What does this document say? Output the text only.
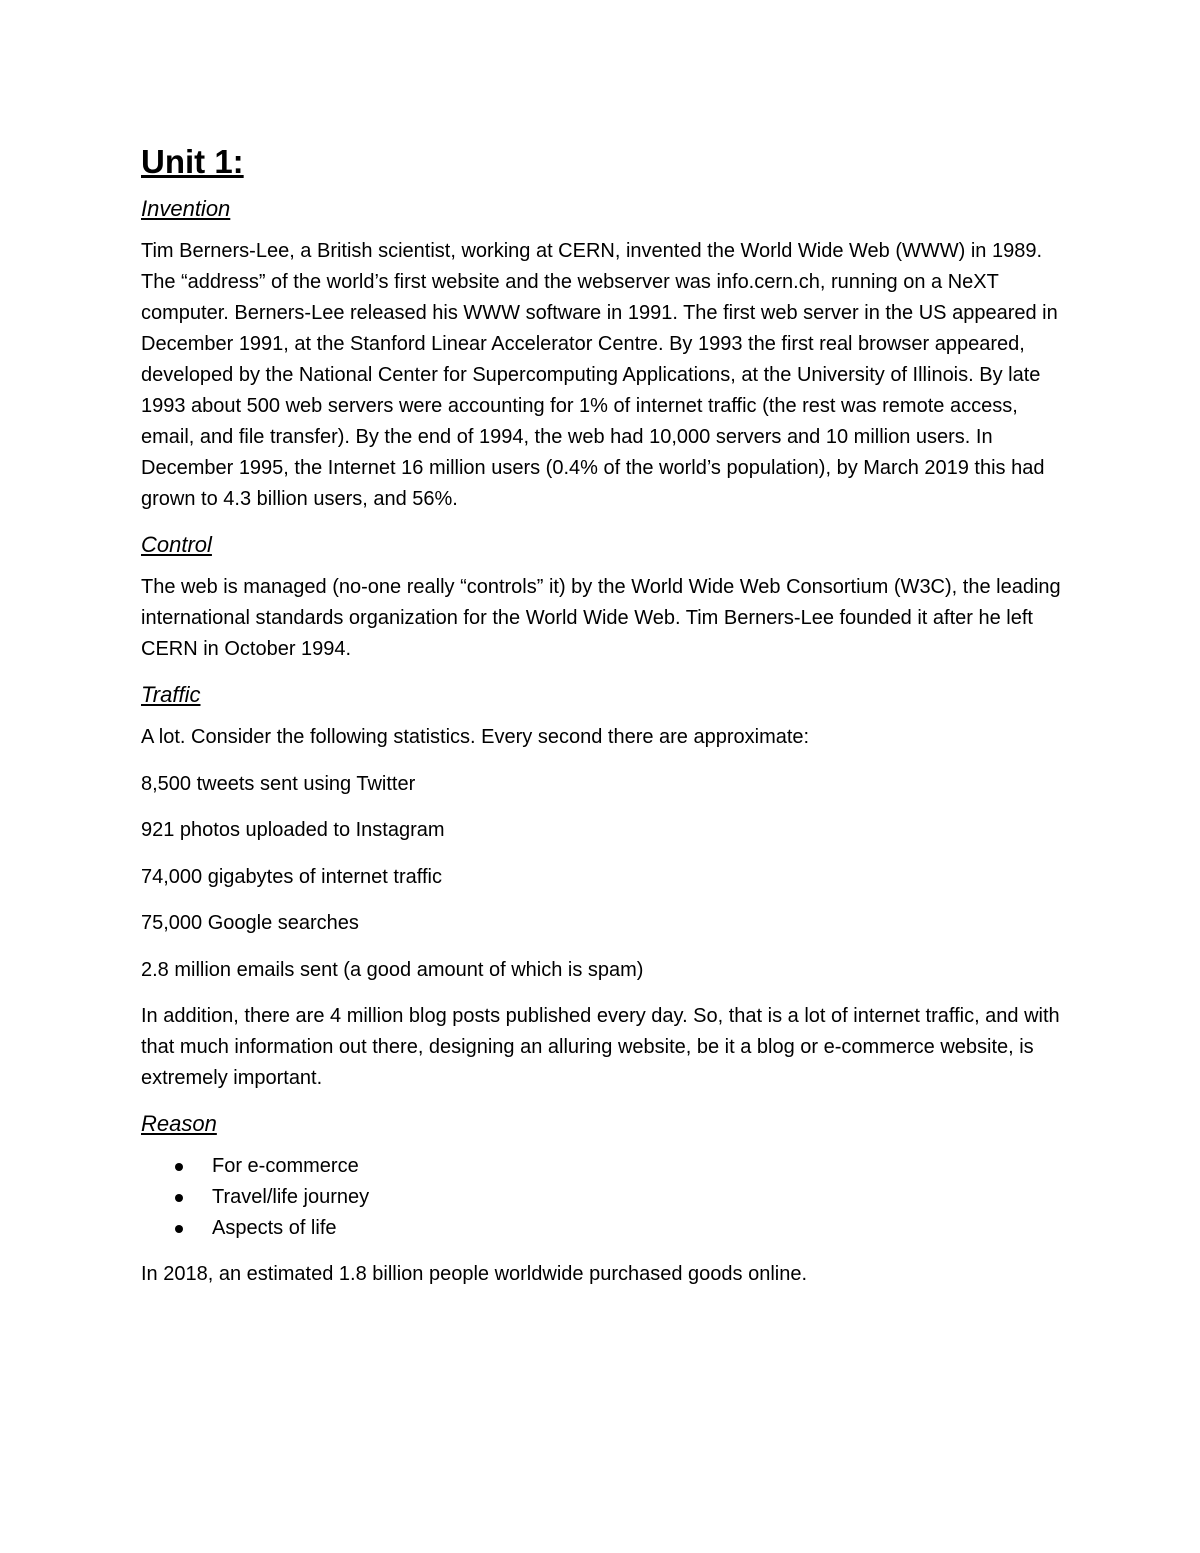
Unit 1:
Invention

Tim Berners-Lee, a British scientist, working at CERN, invented the World Wide Web (WWW) in 1989. The “address” of the world’s first website and the webserver was info.cern.ch, running on a NeXT computer. Berners-Lee released his WWW software in 1991. The first web server in the US appeared in December 1991, at the Stanford Linear Accelerator Centre. By 1993 the first real browser appeared, developed by the National Center for Supercomputing Applications, at the University of Illinois. By late 1993 about 500 web servers were accounting for 1% of internet traffic (the rest was remote access, email, and file transfer). By the end of 1994, the web had 10,000 servers and 10 million users. In December 1995, the Internet 16 million users (0.4% of the world’s population), by March 2019 this had grown to 4.3 billion users, and 56%.

Control

The web is managed (no-one really “controls” it) by the World Wide Web Consortium (W3C), the leading international standards organization for the World Wide Web. Tim Berners-Lee founded it after he left CERN in October 1994.

Traffic

A lot. Consider the following statistics. Every second there are approximate:

8,500 tweets sent using Twitter

921 photos uploaded to Instagram

74,000 gigabytes of internet traffic

75,000 Google searches

2.8 million emails sent (a good amount of which is spam)

In addition, there are 4 million blog posts published every day. So, that is a lot of internet traffic, and with that much information out there, designing an alluring website, be it a blog or e-commerce website, is extremely important.

Reason
For e-commerce
Travel/life journey
Aspects of life

In 2018, an estimated 1.8 billion people worldwide purchased goods online.
